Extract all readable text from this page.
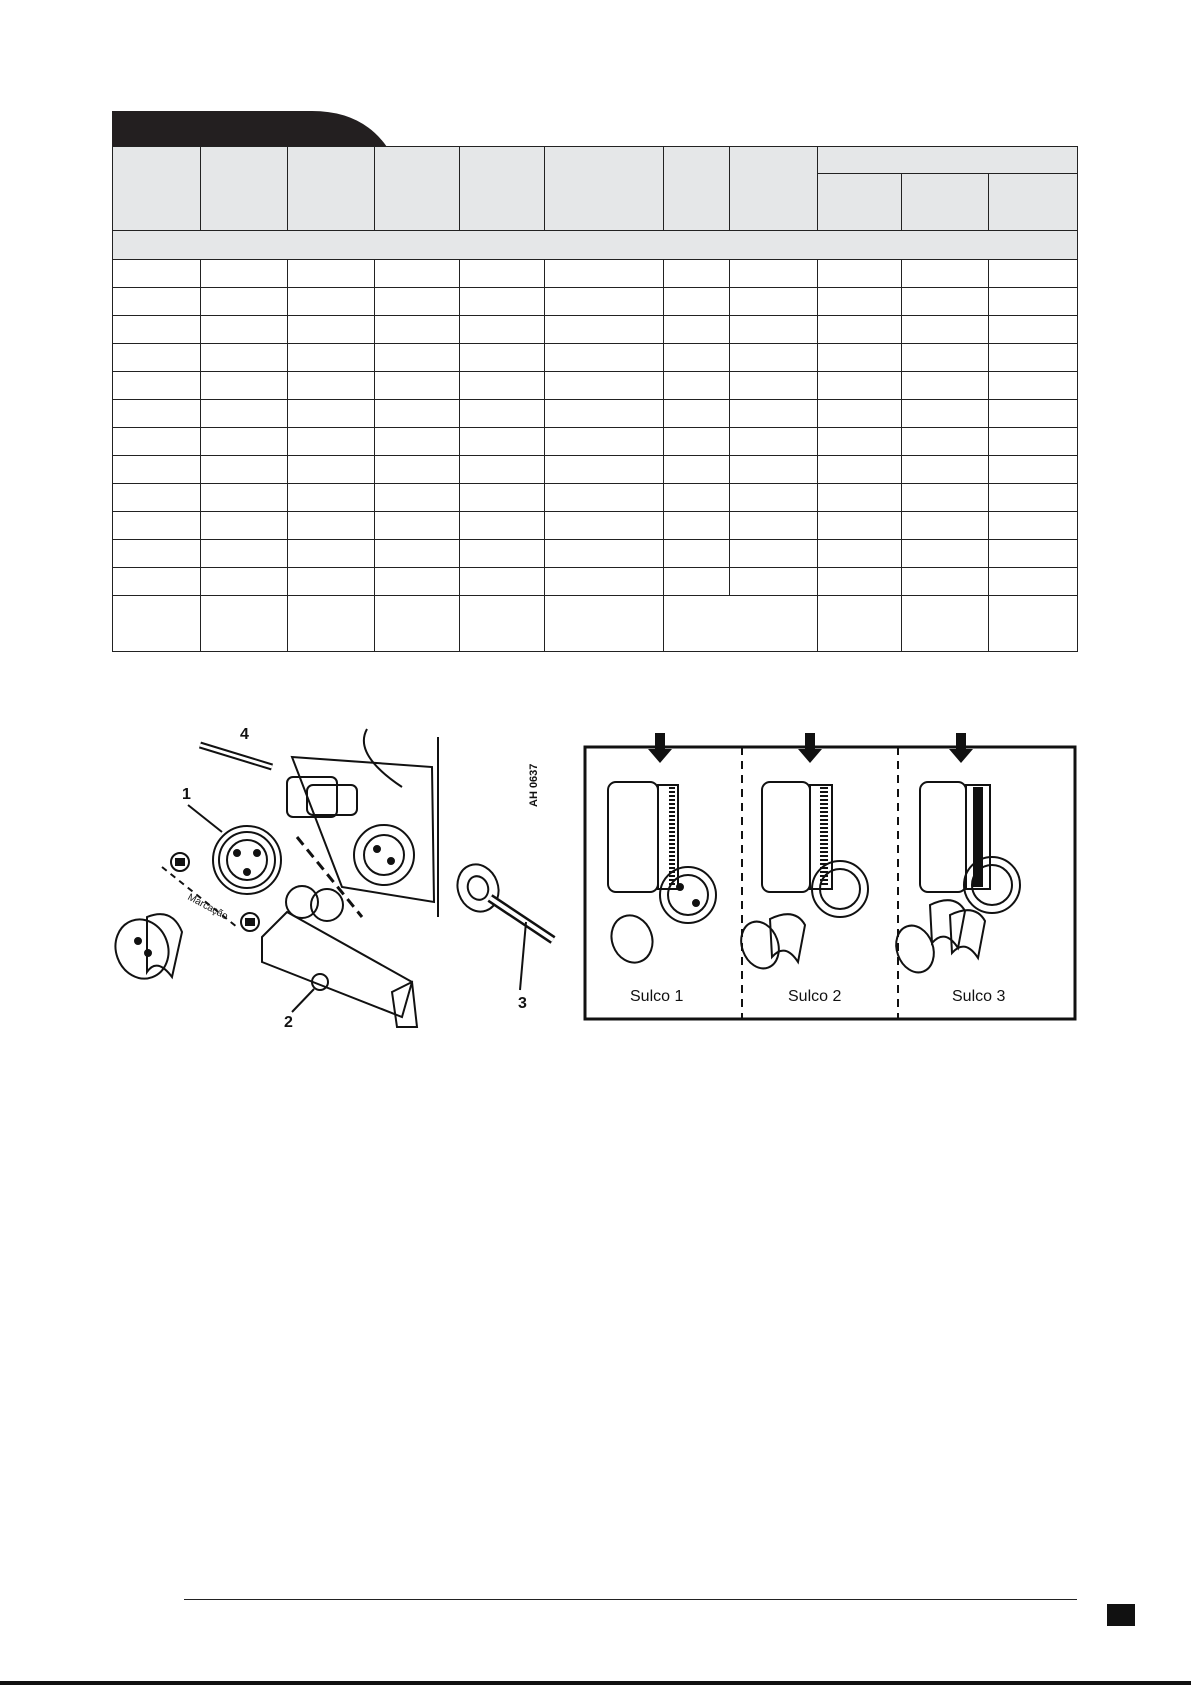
4
1
Marcação
2
3	Sulco 1	Sulco 2	Sulco 3
AH 0637
